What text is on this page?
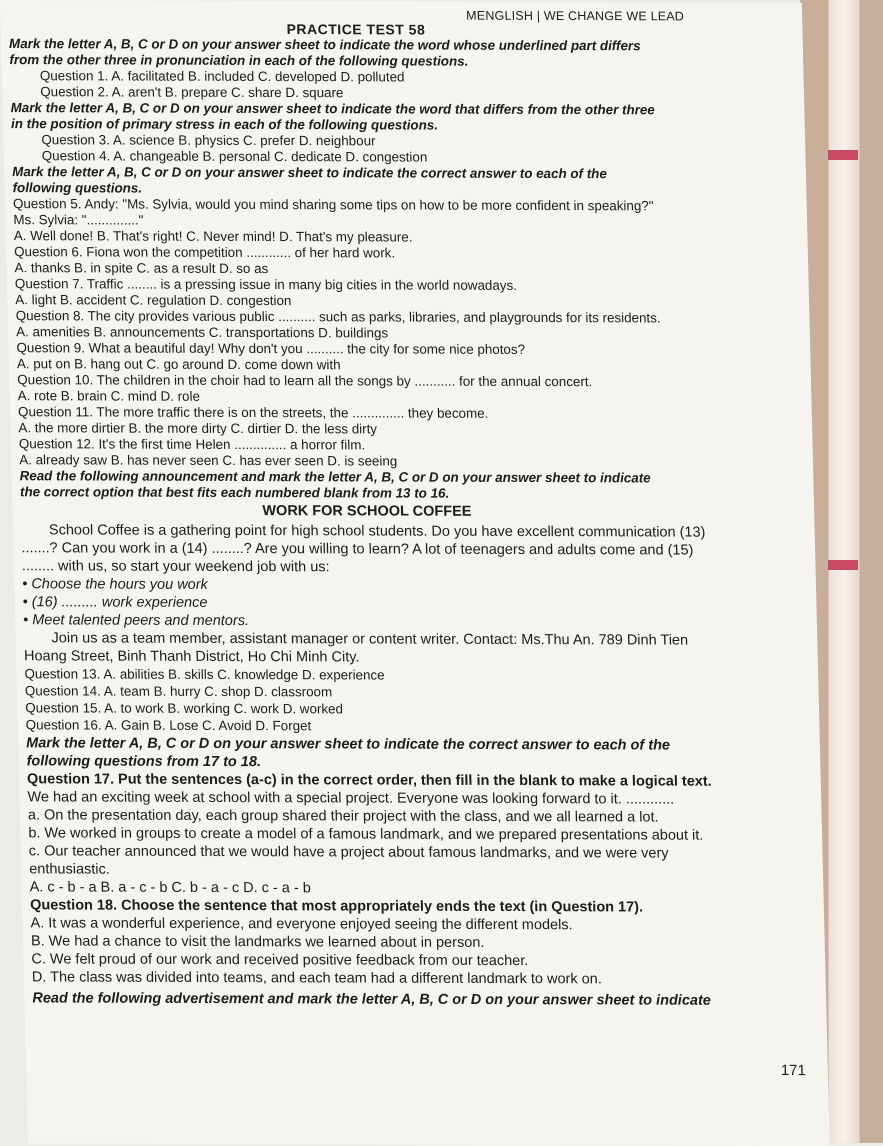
MENGLISH | WE CHANGE WE LEAD
PRACTICE TEST 58
Mark the letter A, B, C or D on your answer sheet to indicate the word whose underlined part differs
from the other three in pronunciation in each of the following questions.
Question 1. A. facilitated B. included C. developed D. polluted
Question 2. A. aren't B. prepare C. share D. square
Mark the letter A, B, C or D on your answer sheet to indicate the word that differs from the other three
in the position of primary stress in each of the following questions.
Question 3. A. science B. physics C. prefer D. neighbour
Question 4. A. changeable B. personal C. dedicate D. congestion
Mark the letter A, B, C or D on your answer sheet to indicate the correct answer to each of the
following questions.
Question 5. Andy: "Ms. Sylvia, would you mind sharing some tips on how to be more confident in speaking?"
Ms. Sylvia: ".............."
A. Well done! B. That's right! C. Never mind! D. That's my pleasure.
Question 6. Fiona won the competition ............ of her hard work.
A. thanks B. in spite C. as a result D. so as
Question 7. Traffic ........ is a pressing issue in many big cities in the world nowadays.
A. light B. accident C. regulation D. congestion
Question 8. The city provides various public .......... such as parks, libraries, and playgrounds for its residents.
A. amenities B. announcements C. transportations D. buildings
Question 9. What a beautiful day! Why don't you .......... the city for some nice photos?
A. put on B. hang out C. go around D. come down with
Question 10. The children in the choir had to learn all the songs by ........... for the annual concert.
A. rote B. brain C. mind D. role
Question 11. The more traffic there is on the streets, the .............. they become.
A. the more dirtier B. the more dirty C. dirtier D. the less dirty
Question 12. It's the first time Helen .............. a horror film.
A. already saw B. has never seen C. has ever seen D. is seeing
Read the following announcement and mark the letter A, B, C or D on your answer sheet to indicate
the correct option that best fits each numbered blank from 13 to 16.
WORK FOR SCHOOL COFFEE
School Coffee is a gathering point for high school students. Do you have excellent communication (13)
.......? Can you work in a (14) ........? Are you willing to learn? A lot of teenagers and adults come and (15)
........ with us, so start your weekend job with us:
• Choose the hours you work
• (16) ......... work experience
• Meet talented peers and mentors.
Join us as a team member, assistant manager or content writer. Contact: Ms.Thu An. 789 Dinh Tien
Hoang Street, Binh Thanh District, Ho Chi Minh City.
Question 13. A. abilities B. skills C. knowledge D. experience
Question 14. A. team B. hurry C. shop D. classroom
Question 15. A. to work B. working C. work D. worked
Question 16. A. Gain B. Lose C. Avoid D. Forget
Mark the letter A, B, C or D on your answer sheet to indicate the correct answer to each of the
following questions from 17 to 18.
Question 17. Put the sentences (a-c) in the correct order, then fill in the blank to make a logical text.
We had an exciting week at school with a special project. Everyone was looking forward to it. ............
a. On the presentation day, each group shared their project with the class, and we all learned a lot.
b. We worked in groups to create a model of a famous landmark, and we prepared presentations about it.
c. Our teacher announced that we would have a project about famous landmarks, and we were very
enthusiastic.
A. c - b - a B. a - c - b C. b - a - c D. c - a - b
Question 18. Choose the sentence that most appropriately ends the text (in Question 17).
A. It was a wonderful experience, and everyone enjoyed seeing the different models.
B. We had a chance to visit the landmarks we learned about in person.
C. We felt proud of our work and received positive feedback from our teacher.
D. The class was divided into teams, and each team had a different landmark to work on.
Read the following advertisement and mark the letter A, B, C or D on your answer sheet to indicate
171
